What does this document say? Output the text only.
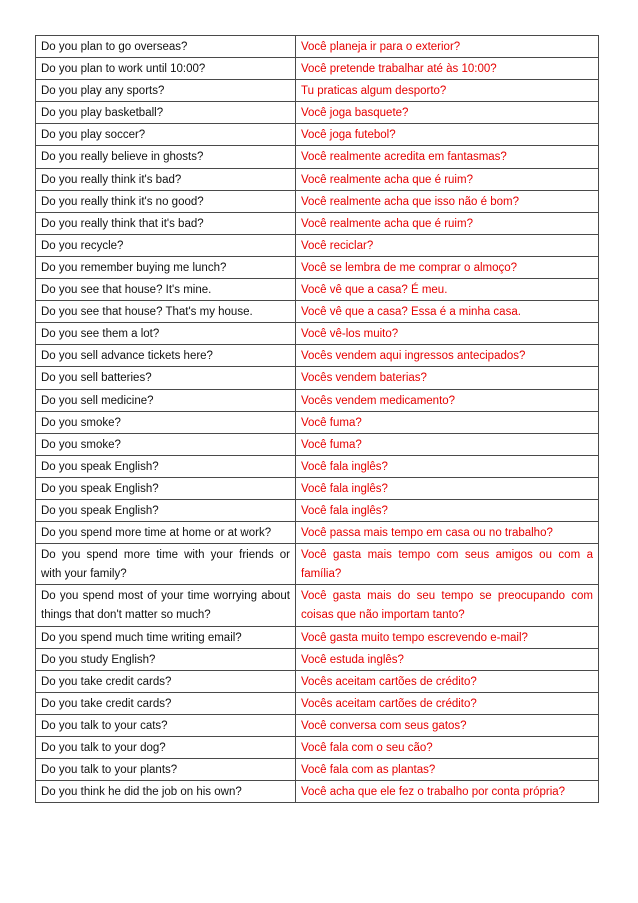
Do you plan to go overseas?	Você planeja ir para o exterior?
Do you plan to work until 10:00?	Você pretende trabalhar até às 10:00?
Do you play any sports?	Tu praticas algum desporto?
Do you play basketball?	Você joga basquete?
Do you play soccer?	Você joga futebol?
Do you really believe in ghosts?	Você realmente acredita em fantasmas?
Do you really think it's bad?	Você realmente acha que é ruim?
Do you really think it's no good?	Você realmente acha que isso não é bom?
Do you really think that it's bad?	Você realmente acha que é ruim?
Do you recycle?	Você reciclar?
Do you remember buying me lunch?	Você se lembra de me comprar o almoço?
Do you see that house? It's mine.	Você vê que a casa? É meu.
Do you see that house? That's my house.	Você vê que a casa? Essa é a minha casa.
Do you see them a lot?	Você vê-los muito?
Do you sell advance tickets here?	Vocês vendem aqui ingressos antecipados?
Do you sell batteries?	Vocês vendem baterias?
Do you sell medicine?	Vocês vendem medicamento?
Do you smoke?	Você fuma?
Do you smoke?	Você fuma?
Do you speak English?	Você fala inglês?
Do you speak English?	Você fala inglês?
Do you speak English?	Você fala inglês?
Do you spend more time at home or at work?	Você passa mais tempo em casa ou no trabalho?
Do you spend more time with your friends or with your family?	Você gasta mais tempo com seus amigos ou com a família?
Do you spend most of your time worrying about things that don't matter so much?	Você gasta mais do seu tempo se preocupando com coisas que não importam tanto?
Do you spend much time writing email?	Você gasta muito tempo escrevendo e-mail?
Do you study English?	Você estuda inglês?
Do you take credit cards?	Vocês aceitam cartões de crédito?
Do you take credit cards?	Vocês aceitam cartões de crédito?
Do you talk to your cats?	Você conversa com seus gatos?
Do you talk to your dog?	Você fala com o seu cão?
Do you talk to your plants?	Você fala com as plantas?
Do you think he did the job on his own?	Você acha que ele fez o trabalho por conta própria?
